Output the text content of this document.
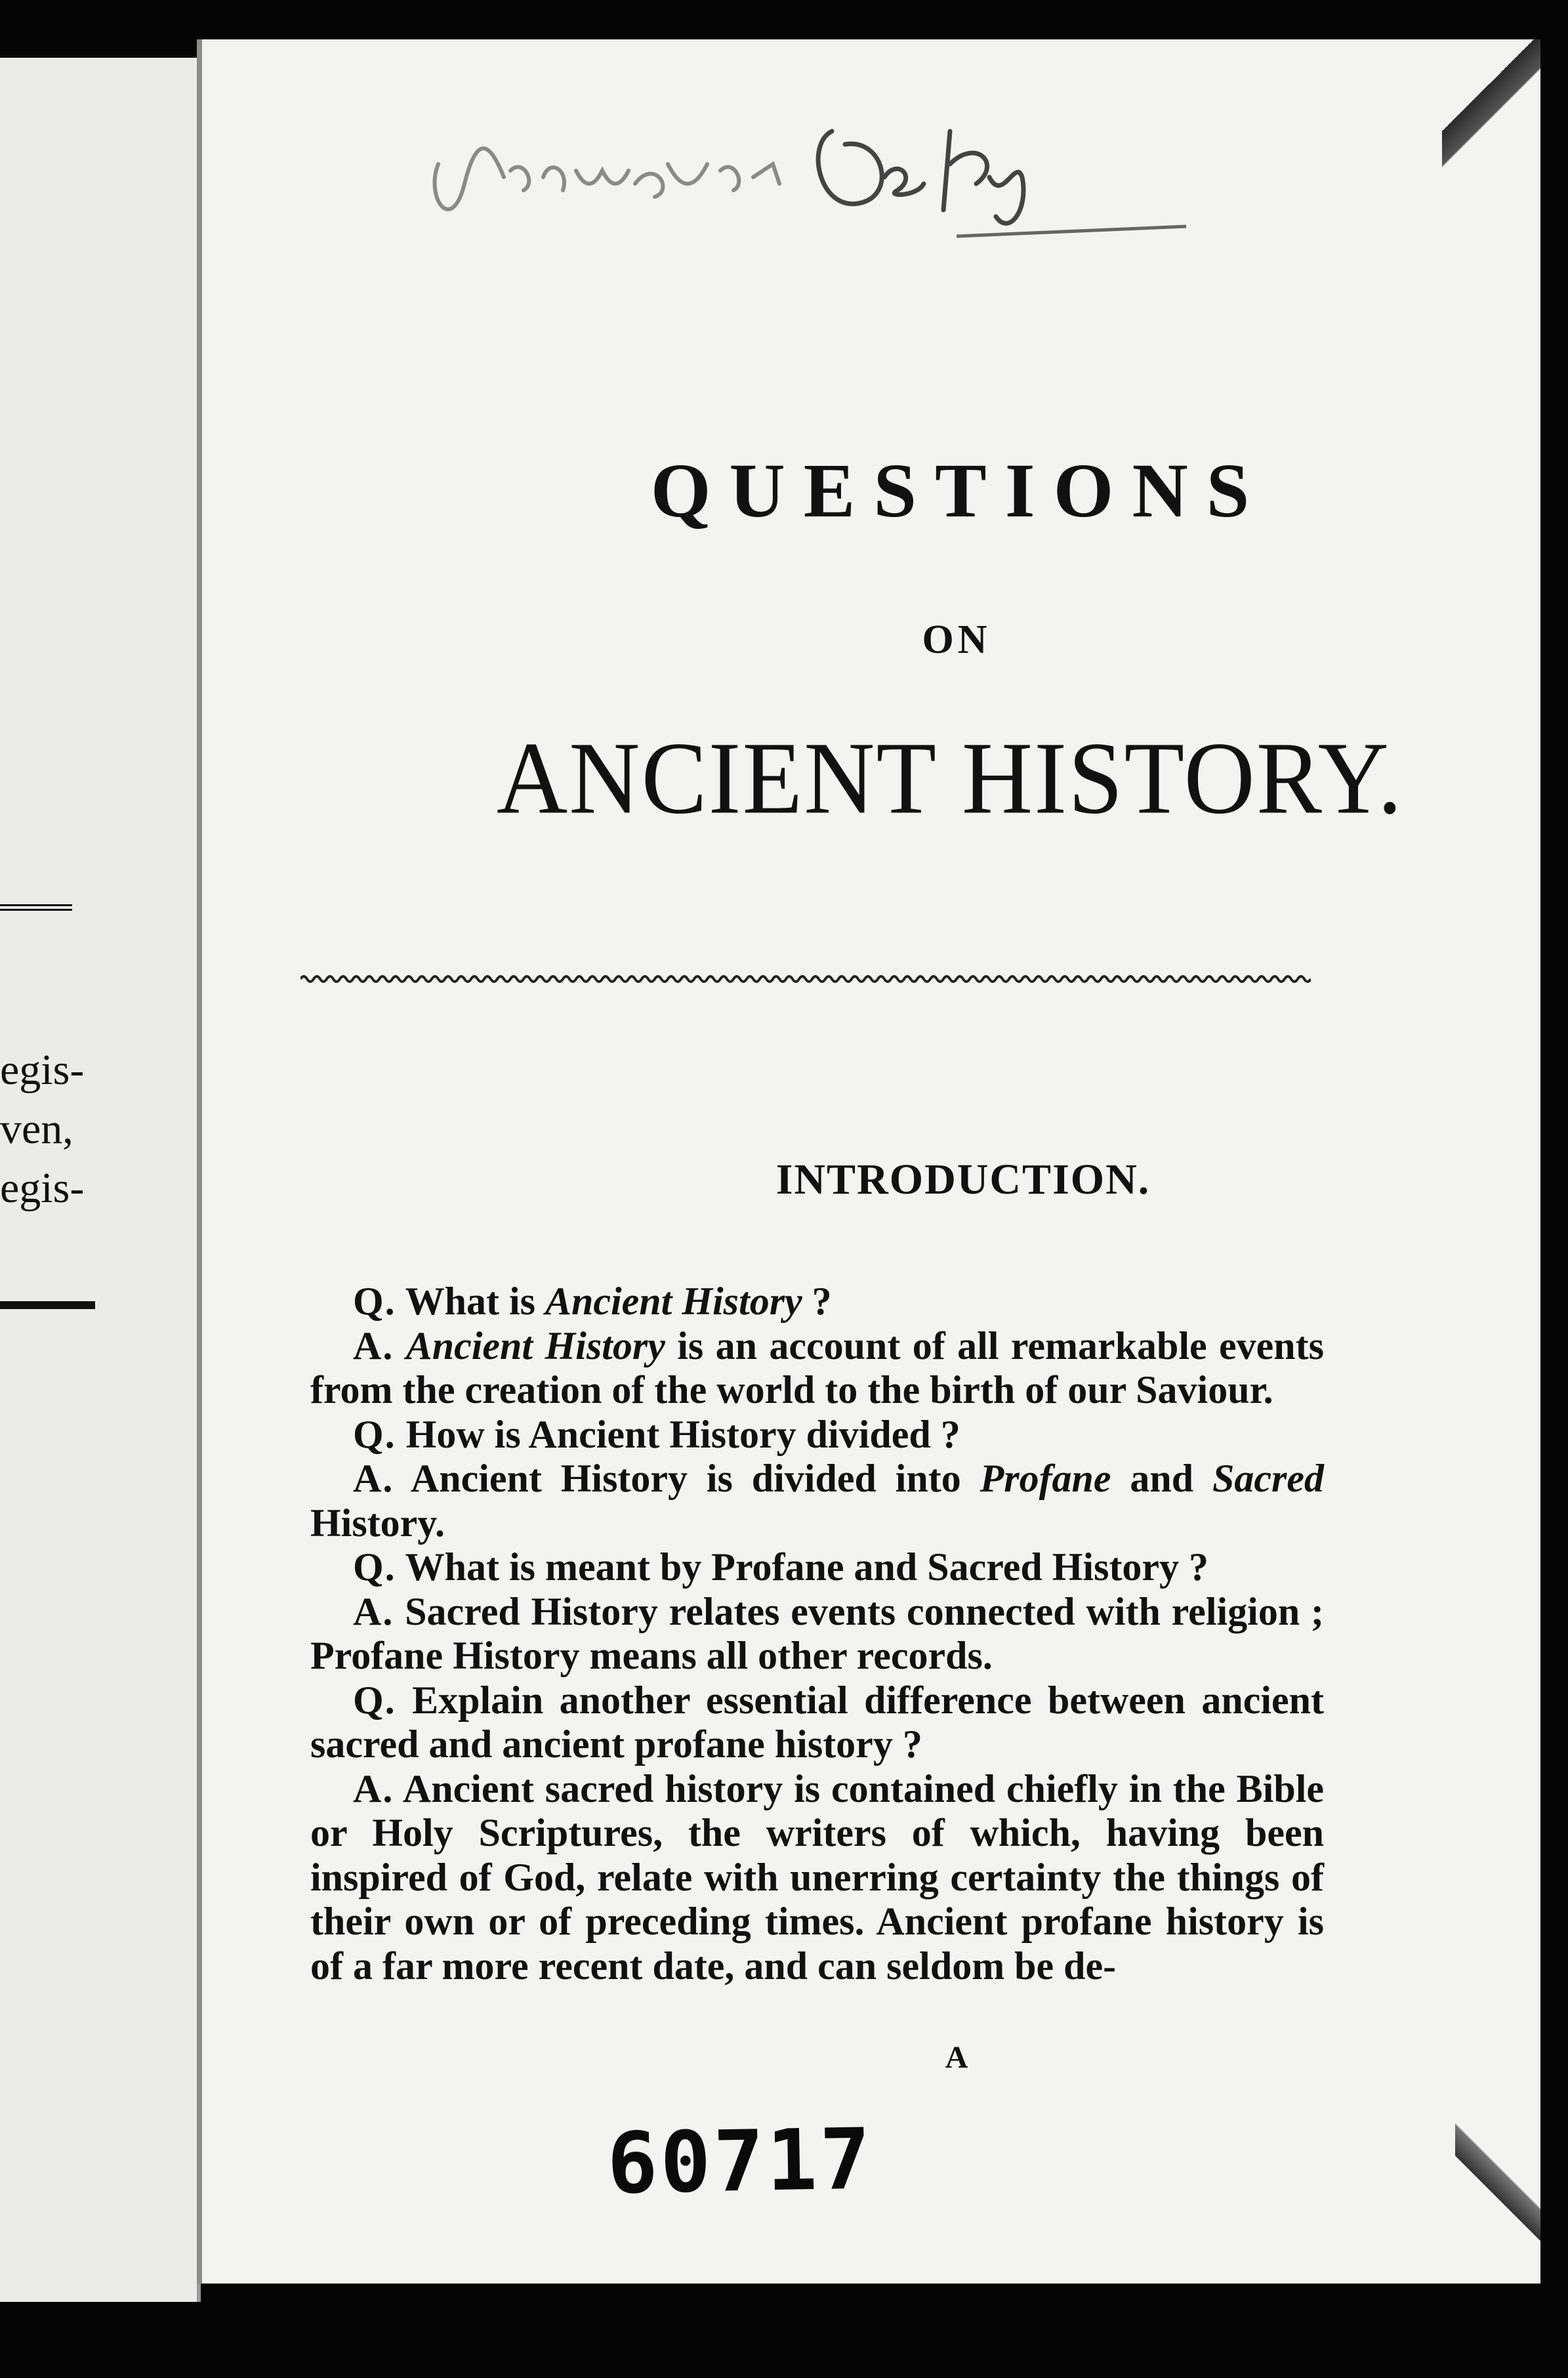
egis-
ven,
egis-
QUESTIONS
ON
ANCIENT HISTORY.
INTRODUCTION.

Q. What is Ancient History ?

A. Ancient History is an account of all remarkable events from the creation of the world to the birth of our Saviour.

Q. How is Ancient History divided ?

A. Ancient History is divided into Profane and Sacred History.

Q. What is meant by Profane and Sacred History ?

A. Sacred History relates events connected with religion ; Profane History means all other records.

Q. Explain another essential difference between ancient sacred and ancient profane history ?

A. Ancient sacred history is contained chiefly in the Bible or Holy Scriptures, the writers of which, having been inspired of God, relate with unerring certainty the things of their own or of preceding times. Ancient profane history is of a far more recent date, and can seldom be de-

A
60717
